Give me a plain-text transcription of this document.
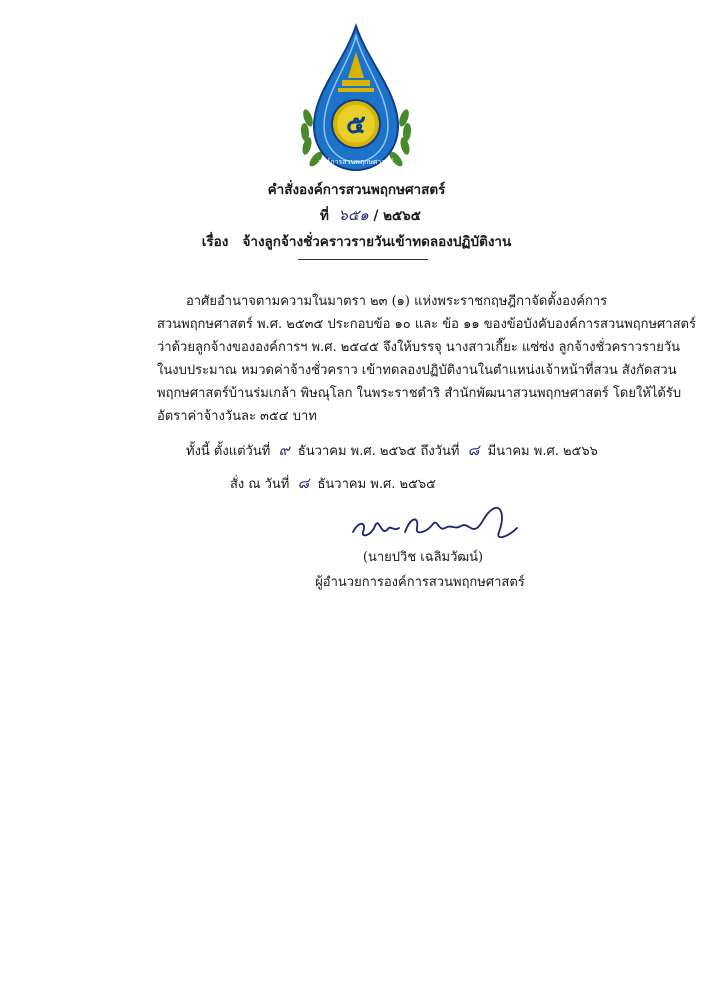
๕
องค์การสวนพฤกษศาสตร์
คำสั่งองค์การสวนพฤกษศาสตร์
ที่ ๖๕๑ / ๒๕๖๕
เรื่อง จ้างลูกจ้างชั่วคราวรายวันเข้าทดลองปฏิบัติงาน
อาศัยอำนาจตามความในมาตรา ๒๓ (๑) แห่งพระราชกฤษฎีกาจัดตั้งองค์การ
สวนพฤกษศาสตร์ พ.ศ. ๒๕๓๕ ประกอบข้อ ๑๐ และ ข้อ ๑๑ ของข้อบังคับองค์การสวนพฤกษศาสตร์
ว่าด้วยลูกจ้างขององค์การฯ พ.ศ. ๒๕๔๕ จึงให้บรรจุ นางสาวเกี๊ยะ แซ่ซ่ง ลูกจ้างชั่วคราวรายวัน
ในงบประมาณ หมวดค่าจ้างชั่วคราว เข้าทดลองปฏิบัติงานในตำแหน่งเจ้าหน้าที่สวน สังกัดสวน
พฤกษศาสตร์บ้านร่มเกล้า พิษณุโลก ในพระราชดำริ สำนักพัฒนาสวนพฤกษศาสตร์ โดยให้ได้รับ
อัตราค่าจ้างวันละ ๓๕๔ บาท
ทั้งนี้ ตั้งแต่วันที่ ๙ ธันวาคม พ.ศ. ๒๕๖๕ ถึงวันที่ ๘ มีนาคม พ.ศ. ๒๕๖๖
สั่ง ณ วันที่ ๘ ธันวาคม พ.ศ. ๒๕๖๕
(นายปวิช เฉลิมวัฒน์)
ผู้อำนวยการองค์การสวนพฤกษศาสตร์
